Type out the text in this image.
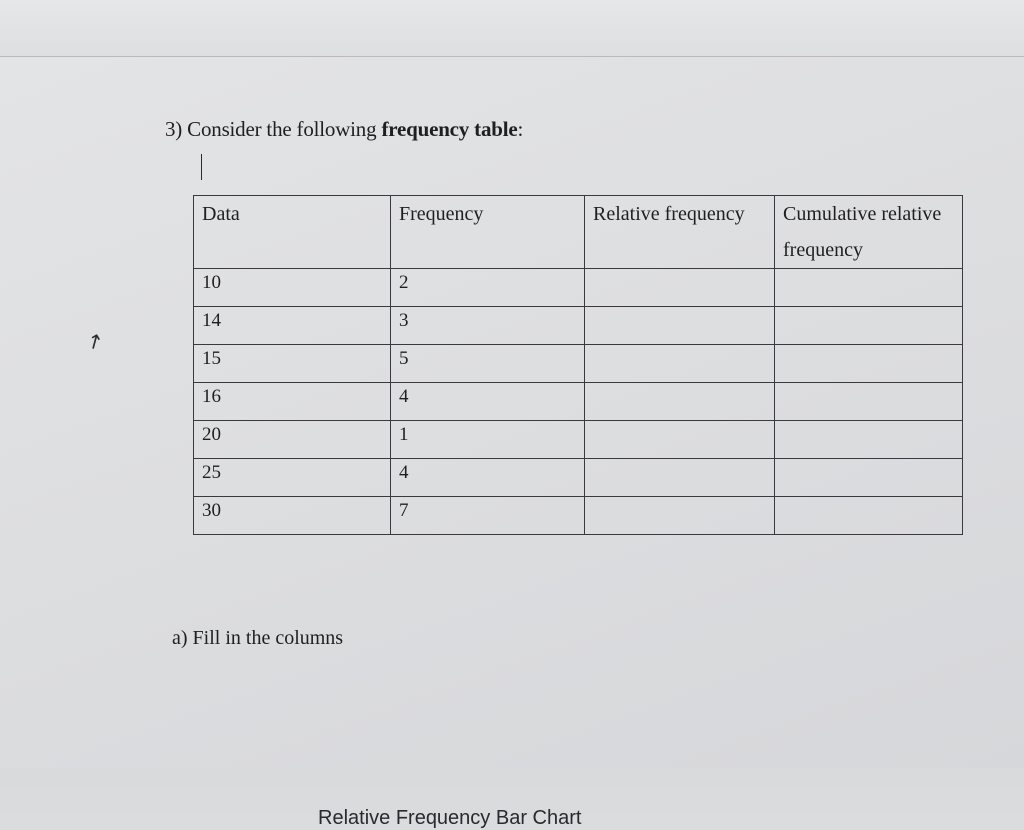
3) Consider the following frequency table:
↗
Data	Frequency	Relative frequency	Cumulative relative frequency
10	2		
14	3		
15	5		
16	4		
20	1		
25	4		
30	7		
a) Fill in the columns
Relative Frequency Bar Chart
